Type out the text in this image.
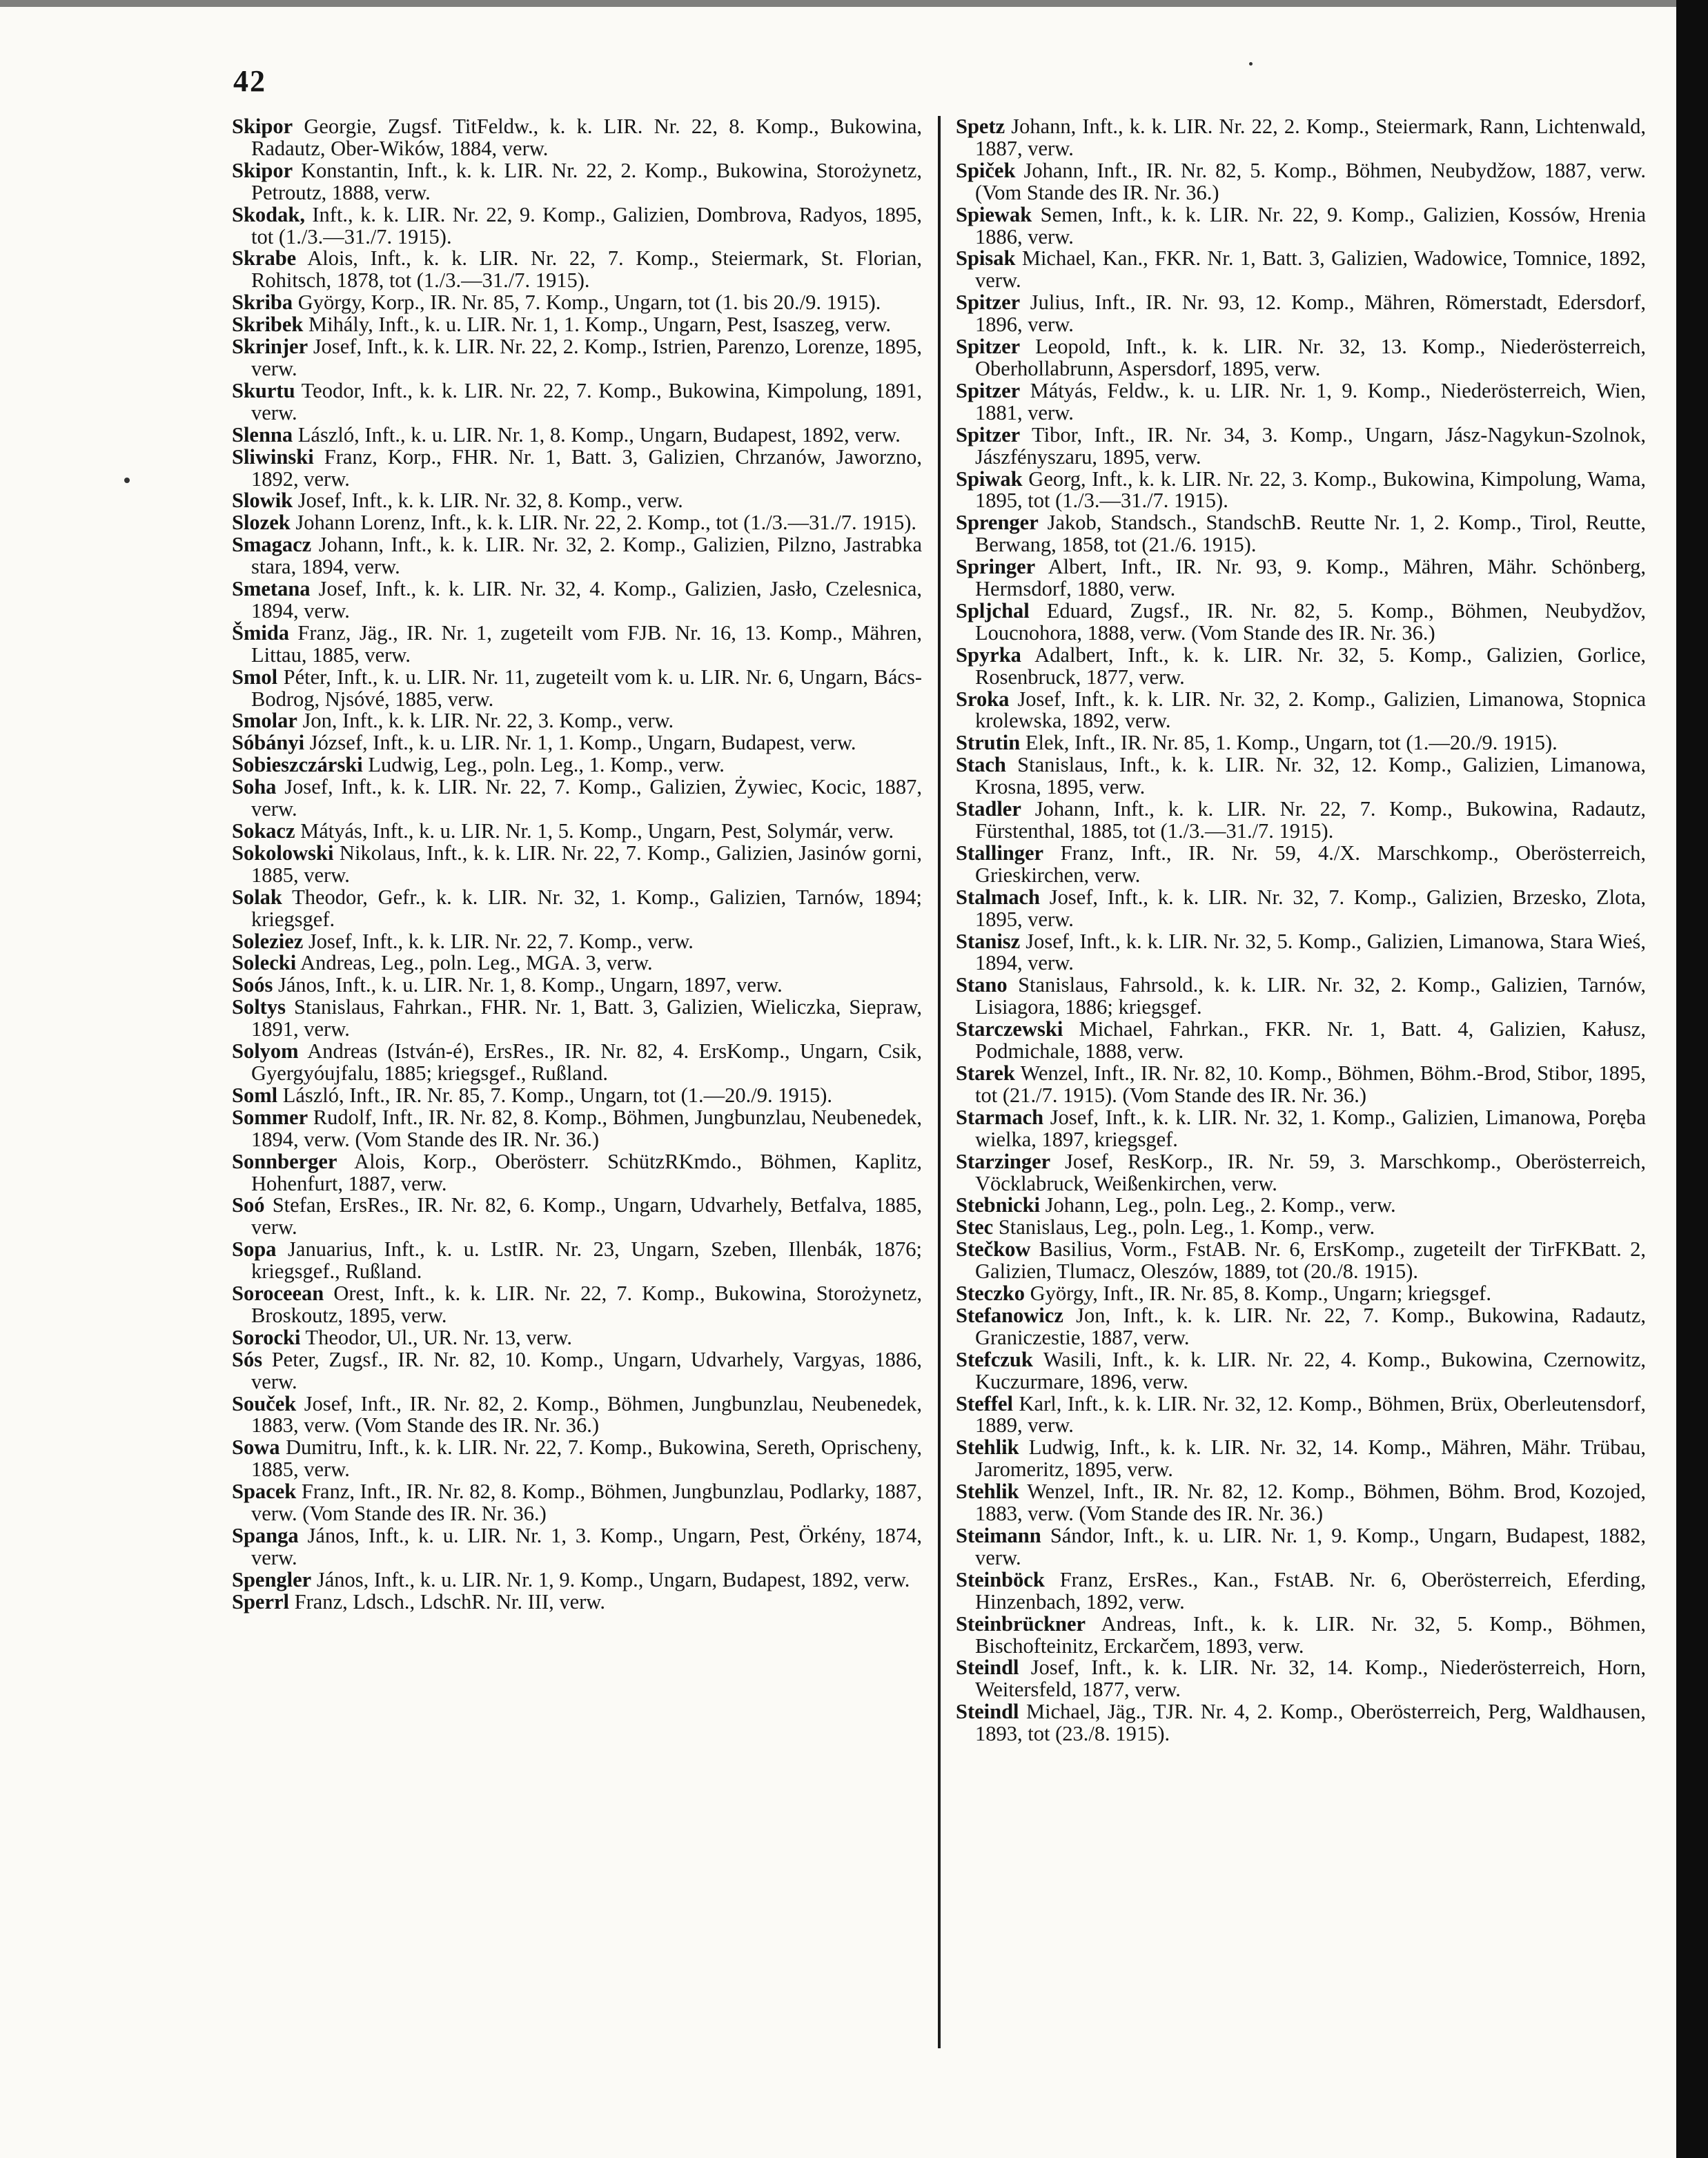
42

Skipor Georgie, Zugsf. TitFeldw., k. k. LIR. Nr. 22, 8. Komp., Bukowina, Radautz, Ober-Wików, 1884, verw.

Skipor Konstantin, Inft., k. k. LIR. Nr. 22, 2. Komp., Bukowina, Storożynetz, Petroutz, 1888, verw.

Skodak, Inft., k. k. LIR. Nr. 22, 9. Komp., Galizien, Dombrova, Radyos, 1895, tot (1./3.—31./7. 1915).

Skrabe Alois, Inft., k. k. LIR. Nr. 22, 7. Komp., Steiermark, St. Florian, Rohitsch, 1878, tot (1./3.—31./7. 1915).

Skriba György, Korp., IR. Nr. 85, 7. Komp., Ungarn, tot (1. bis 20./9. 1915).

Skribek Mihály, Inft., k. u. LIR. Nr. 1, 1. Komp., Ungarn, Pest, Isaszeg, verw.

Skrinjer Josef, Inft., k. k. LIR. Nr. 22, 2. Komp., Istrien, Parenzo, Lorenze, 1895, verw.

Skurtu Teodor, Inft., k. k. LIR. Nr. 22, 7. Komp., Bukowina, Kimpolung, 1891, verw.

Slenna László, Inft., k. u. LIR. Nr. 1, 8. Komp., Ungarn, Budapest, 1892, verw.

Sliwinski Franz, Korp., FHR. Nr. 1, Batt. 3, Galizien, Chrzanów, Jaworzno, 1892, verw.

Slowik Josef, Inft., k. k. LIR. Nr. 32, 8. Komp., verw.

Slozek Johann Lorenz, Inft., k. k. LIR. Nr. 22, 2. Komp., tot (1./3.—31./7. 1915).

Smagacz Johann, Inft., k. k. LIR. Nr. 32, 2. Komp., Galizien, Pilzno, Jastrabka stara, 1894, verw.

Smetana Josef, Inft., k. k. LIR. Nr. 32, 4. Komp., Galizien, Jasło, Czelesnica, 1894, verw.

Šmida Franz, Jäg., IR. Nr. 1, zugeteilt vom FJB. Nr. 16, 13. Komp., Mähren, Littau, 1885, verw.

Smol Péter, Inft., k. u. LIR. Nr. 11, zugeteilt vom k. u. LIR. Nr. 6, Ungarn, Bács-Bodrog, Njsóvé, 1885, verw.

Smolar Jon, Inft., k. k. LIR. Nr. 22, 3. Komp., verw.

Sóbányi József, Inft., k. u. LIR. Nr. 1, 1. Komp., Ungarn, Budapest, verw.

Sobieszczárski Ludwig, Leg., poln. Leg., 1. Komp., verw.

Soha Josef, Inft., k. k. LIR. Nr. 22, 7. Komp., Galizien, Żywiec, Kocic, 1887, verw.

Sokacz Mátyás, Inft., k. u. LIR. Nr. 1, 5. Komp., Ungarn, Pest, Solymár, verw.

Sokolowski Nikolaus, Inft., k. k. LIR. Nr. 22, 7. Komp., Galizien, Jasinów gorni, 1885, verw.

Solak Theodor, Gefr., k. k. LIR. Nr. 32, 1. Komp., Galizien, Tarnów, 1894; kriegsgef.

Soleziez Josef, Inft., k. k. LIR. Nr. 22, 7. Komp., verw.

Solecki Andreas, Leg., poln. Leg., MGA. 3, verw.

Soós János, Inft., k. u. LIR. Nr. 1, 8. Komp., Ungarn, 1897, verw.

Soltys Stanislaus, Fahrkan., FHR. Nr. 1, Batt. 3, Galizien, Wieliczka, Siepraw, 1891, verw.

Solyom Andreas (István-é), ErsRes., IR. Nr. 82, 4. ErsKomp., Ungarn, Csik, Gyergyóujfalu, 1885; kriegsgef., Rußland.

Soml László, Inft., IR. Nr. 85, 7. Komp., Ungarn, tot (1.—20./9. 1915).

Sommer Rudolf, Inft., IR. Nr. 82, 8. Komp., Böhmen, Jungbunzlau, Neubenedek, 1894, verw. (Vom Stande des IR. Nr. 36.)

Sonnberger Alois, Korp., Oberösterr. SchützRKmdo., Böhmen, Kaplitz, Hohenfurt, 1887, verw.

Soó Stefan, ErsRes., IR. Nr. 82, 6. Komp., Ungarn, Udvarhely, Betfalva, 1885, verw.

Sopa Januarius, Inft., k. u. LstIR. Nr. 23, Ungarn, Szeben, Illenbák, 1876; kriegsgef., Rußland.

Soroceean Orest, Inft., k. k. LIR. Nr. 22, 7. Komp., Bukowina, Storożynetz, Broskoutz, 1895, verw.

Sorocki Theodor, Ul., UR. Nr. 13, verw.

Sós Peter, Zugsf., IR. Nr. 82, 10. Komp., Ungarn, Udvarhely, Vargyas, 1886, verw.

Souček Josef, Inft., IR. Nr. 82, 2. Komp., Böhmen, Jungbunzlau, Neubenedek, 1883, verw. (Vom Stande des IR. Nr. 36.)

Sowa Dumitru, Inft., k. k. LIR. Nr. 22, 7. Komp., Bukowina, Sereth, Oprischeny, 1885, verw.

Spacek Franz, Inft., IR. Nr. 82, 8. Komp., Böhmen, Jungbunzlau, Podlarky, 1887, verw. (Vom Stande des IR. Nr. 36.)

Spanga János, Inft., k. u. LIR. Nr. 1, 3. Komp., Ungarn, Pest, Örkény, 1874, verw.

Spengler János, Inft., k. u. LIR. Nr. 1, 9. Komp., Ungarn, Budapest, 1892, verw.

Sperrl Franz, Ldsch., LdschR. Nr. III, verw.

Spetz Johann, Inft., k. k. LIR. Nr. 22, 2. Komp., Steiermark, Rann, Lichtenwald, 1887, verw.

Spiček Johann, Inft., IR. Nr. 82, 5. Komp., Böhmen, Neubydžow, 1887, verw. (Vom Stande des IR. Nr. 36.)

Spiewak Semen, Inft., k. k. LIR. Nr. 22, 9. Komp., Galizien, Kossów, Hrenia 1886, verw.

Spisak Michael, Kan., FKR. Nr. 1, Batt. 3, Galizien, Wadowice, Tomnice, 1892, verw.

Spitzer Julius, Inft., IR. Nr. 93, 12. Komp., Mähren, Römerstadt, Edersdorf, 1896, verw.

Spitzer Leopold, Inft., k. k. LIR. Nr. 32, 13. Komp., Niederösterreich, Oberhollabrunn, Aspersdorf, 1895, verw.

Spitzer Mátyás, Feldw., k. u. LIR. Nr. 1, 9. Komp., Niederösterreich, Wien, 1881, verw.

Spitzer Tibor, Inft., IR. Nr. 34, 3. Komp., Ungarn, Jász-Nagykun-Szolnok, Jászfényszaru, 1895, verw.

Spiwak Georg, Inft., k. k. LIR. Nr. 22, 3. Komp., Bukowina, Kimpolung, Wama, 1895, tot (1./3.—31./7. 1915).

Sprenger Jakob, Standsch., StandschB. Reutte Nr. 1, 2. Komp., Tirol, Reutte, Berwang, 1858, tot (21./6. 1915).

Springer Albert, Inft., IR. Nr. 93, 9. Komp., Mähren, Mähr. Schönberg, Hermsdorf, 1880, verw.

Spljchal Eduard, Zugsf., IR. Nr. 82, 5. Komp., Böhmen, Neubydžov, Loucnohora, 1888, verw. (Vom Stande des IR. Nr. 36.)

Spyrka Adalbert, Inft., k. k. LIR. Nr. 32, 5. Komp., Galizien, Gorlice, Rosenbruck, 1877, verw.

Sroka Josef, Inft., k. k. LIR. Nr. 32, 2. Komp., Galizien, Limanowa, Stopnica krolewska, 1892, verw.

Strutin Elek, Inft., IR. Nr. 85, 1. Komp., Ungarn, tot (1.—20./9. 1915).

Stach Stanislaus, Inft., k. k. LIR. Nr. 32, 12. Komp., Galizien, Limanowa, Krosna, 1895, verw.

Stadler Johann, Inft., k. k. LIR. Nr. 22, 7. Komp., Bukowina, Radautz, Fürstenthal, 1885, tot (1./3.—31./7. 1915).

Stallinger Franz, Inft., IR. Nr. 59, 4./X. Marschkomp., Oberösterreich, Grieskirchen, verw.

Stalmach Josef, Inft., k. k. LIR. Nr. 32, 7. Komp., Galizien, Brzesko, Zlota, 1895, verw.

Stanisz Josef, Inft., k. k. LIR. Nr. 32, 5. Komp., Galizien, Limanowa, Stara Wieś, 1894, verw.

Stano Stanislaus, Fahrsold., k. k. LIR. Nr. 32, 2. Komp., Galizien, Tarnów, Lisiagora, 1886; kriegsgef.

Starczewski Michael, Fahrkan., FKR. Nr. 1, Batt. 4, Galizien, Kałusz, Podmichale, 1888, verw.

Starek Wenzel, Inft., IR. Nr. 82, 10. Komp., Böhmen, Böhm.-Brod, Stibor, 1895, tot (21./7. 1915). (Vom Stande des IR. Nr. 36.)

Starmach Josef, Inft., k. k. LIR. Nr. 32, 1. Komp., Galizien, Limanowa, Poręba wielka, 1897, kriegsgef.

Starzinger Josef, ResKorp., IR. Nr. 59, 3. Marschkomp., Oberösterreich, Vöcklabruck, Weißenkirchen, verw.

Stebnicki Johann, Leg., poln. Leg., 2. Komp., verw.

Stec Stanislaus, Leg., poln. Leg., 1. Komp., verw.

Stečkow Basilius, Vorm., FstAB. Nr. 6, ErsKomp., zugeteilt der TirFKBatt. 2, Galizien, Tlumacz, Oleszów, 1889, tot (20./8. 1915).

Steczko György, Inft., IR. Nr. 85, 8. Komp., Ungarn; kriegsgef.

Stefanowicz Jon, Inft., k. k. LIR. Nr. 22, 7. Komp., Bukowina, Radautz, Graniczestie, 1887, verw.

Stefczuk Wasili, Inft., k. k. LIR. Nr. 22, 4. Komp., Bukowina, Czernowitz, Kuczurmare, 1896, verw.

Steffel Karl, Inft., k. k. LIR. Nr. 32, 12. Komp., Böhmen, Brüx, Oberleutensdorf, 1889, verw.

Stehlik Ludwig, Inft., k. k. LIR. Nr. 32, 14. Komp., Mähren, Mähr. Trübau, Jaromeritz, 1895, verw.

Stehlik Wenzel, Inft., IR. Nr. 82, 12. Komp., Böhmen, Böhm. Brod, Kozojed, 1883, verw. (Vom Stande des IR. Nr. 36.)

Steimann Sándor, Inft., k. u. LIR. Nr. 1, 9. Komp., Ungarn, Budapest, 1882, verw.

Steinböck Franz, ErsRes., Kan., FstAB. Nr. 6, Oberösterreich, Eferding, Hinzenbach, 1892, verw.

Steinbrückner Andreas, Inft., k. k. LIR. Nr. 32, 5. Komp., Böhmen, Bischofteinitz, Erckarčem, 1893, verw.

Steindl Josef, Inft., k. k. LIR. Nr. 32, 14. Komp., Niederösterreich, Horn, Weitersfeld, 1877, verw.

Steindl Michael, Jäg., TJR. Nr. 4, 2. Komp., Oberösterreich, Perg, Waldhausen, 1893, tot (23./8. 1915).
